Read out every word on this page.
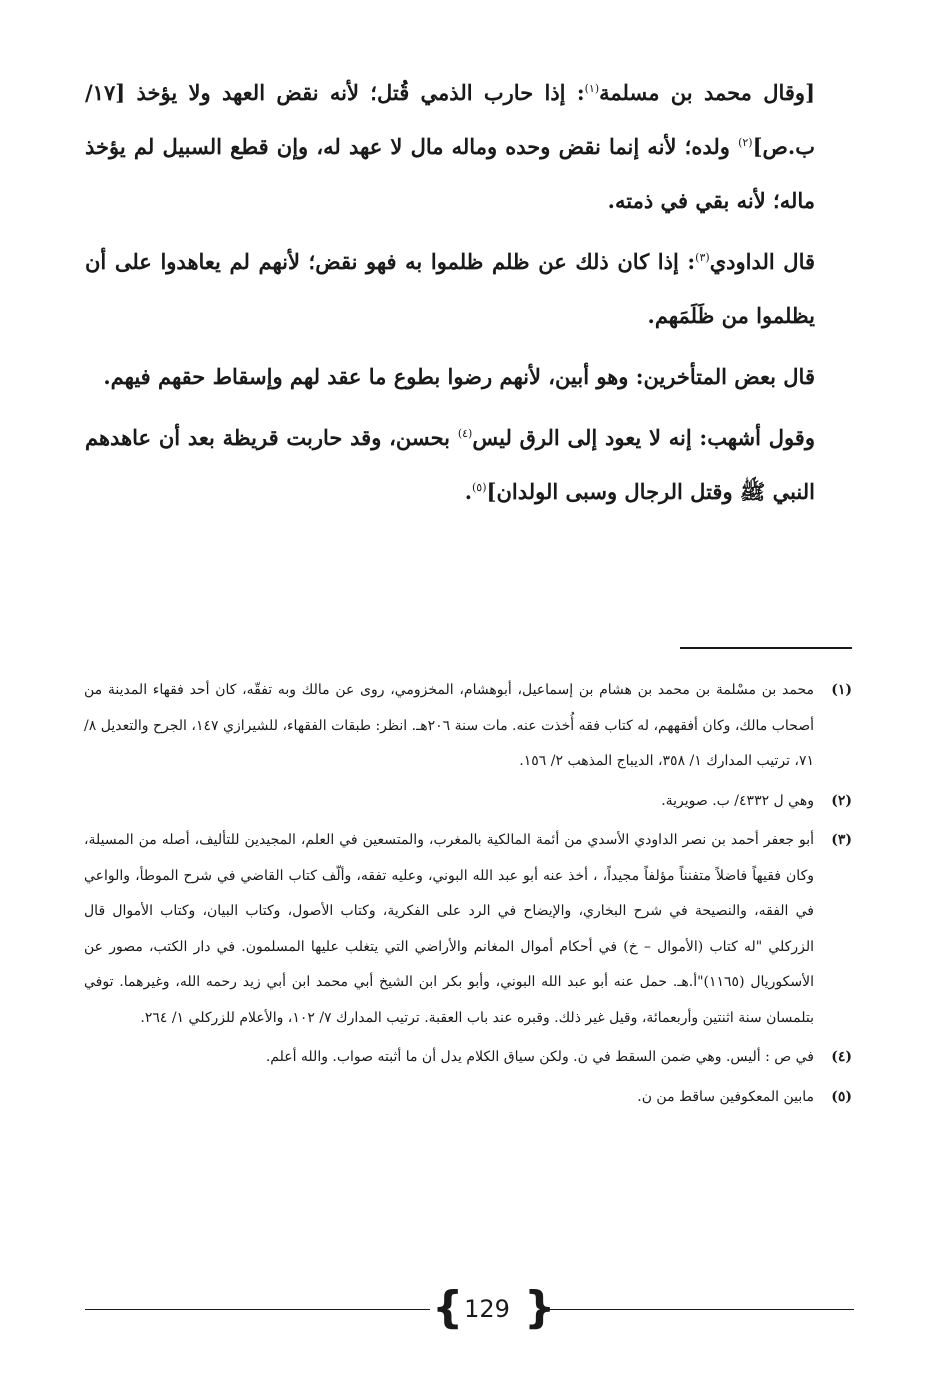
[وقال محمد بن مسلمة$^{(١)}$: إذا حارب الذمي قُتل؛ لأنه نقض العهد ولا يؤخذ [١٧/ ب.ص]$^{(٢)}$ ولده؛ لأنه إنما نقض وحده وماله مال لا عهد له، وإن قطع السبيل لم يؤخذ ماله؛ لأنه بقي في ذمته.

قال الداودي$^{(٣)}$: إذا كان ذلك عن ظلم ظلموا به فهو نقض؛ لأنهم لم يعاهدوا على أن يظلموا من ظَلَمَهم.

قال بعض المتأخرين: وهو أبين، لأنهم رضوا بطوع ما عقد لهم وإسقاط حقهم فيهم.

وقول أشهب: إنه لا يعود إلى الرق ليس$^{(٤)}$ بحسن، وقد حاربت قريظة بعد أن عاهدهم النبي ﷺ وقتل الرجال وسبى الولدان]$^{(٥)}$.

(١)
محمد بن مسْلمة بن محمد بن هشام بن إسماعيل، أبوهشام، المخزومي، روى عن مالك وبه تفقّه، كان أحد فقهاء المدينة من أصحاب مالك، وكان أفقههم، له كتاب فقه أُخذت عنه. مات سنة ٢٠٦هـ. انظر: طبقات الفقهاء، للشيرازي ١٤٧، الجرح والتعديل ٨/ ٧١، ترتيب المدارك ١/ ٣٥٨، الديباج المذهب ٢/ ١٥٦.
(٢)
وهي ل ٤٣٣٢/ ب. صويرية.
(٣)
أبو جعفر أحمد بن نصر الداودي الأسدي من أئمة المالكية بالمغرب، والمتسعين في العلم، المجيدين للتأليف، أصله من المسيلة، وكان فقيهاً فاضلاً متفنناً مؤلفاً مجيداً، ، أخذ عنه أبو عبد الله البوني، وعليه تفقه، وألّف كتاب القاضي في شرح الموطأ، والواعي في الفقه، والنصيحة في شرح البخاري، والإيضاح في الرد على الفكرية، وكتاب الأصول، وكتاب البيان، وكتاب الأموال قال الزركلي "له كتاب (الأموال – خ) في أحكام أموال المغانم والأراضي التي يتغلب عليها المسلمون. في دار الكتب، مصور عن الأسكوريال (١١٦٥)"أ.هـ. حمل عنه أبو عبد الله البوني، وأبو بكر ابن الشيخ أبي محمد ابن أبي زيد رحمه الله، وغيرهما. توفي بتلمسان سنة اثنتين وأربعمائة، وقيل غير ذلك. وقبره عند باب العقبة. ترتيب المدارك ٧/ ١٠٢، والأعلام للزركلي ١/ ٢٦٤.
(٤)
في ص : أليس. وهي ضمن السقط في ن. ولكن سياق الكلام يدل أن ما أثبته صواب. والله أعلم.
(٥)
مابين المعكوفين ساقط من ن.
{ 129 }
